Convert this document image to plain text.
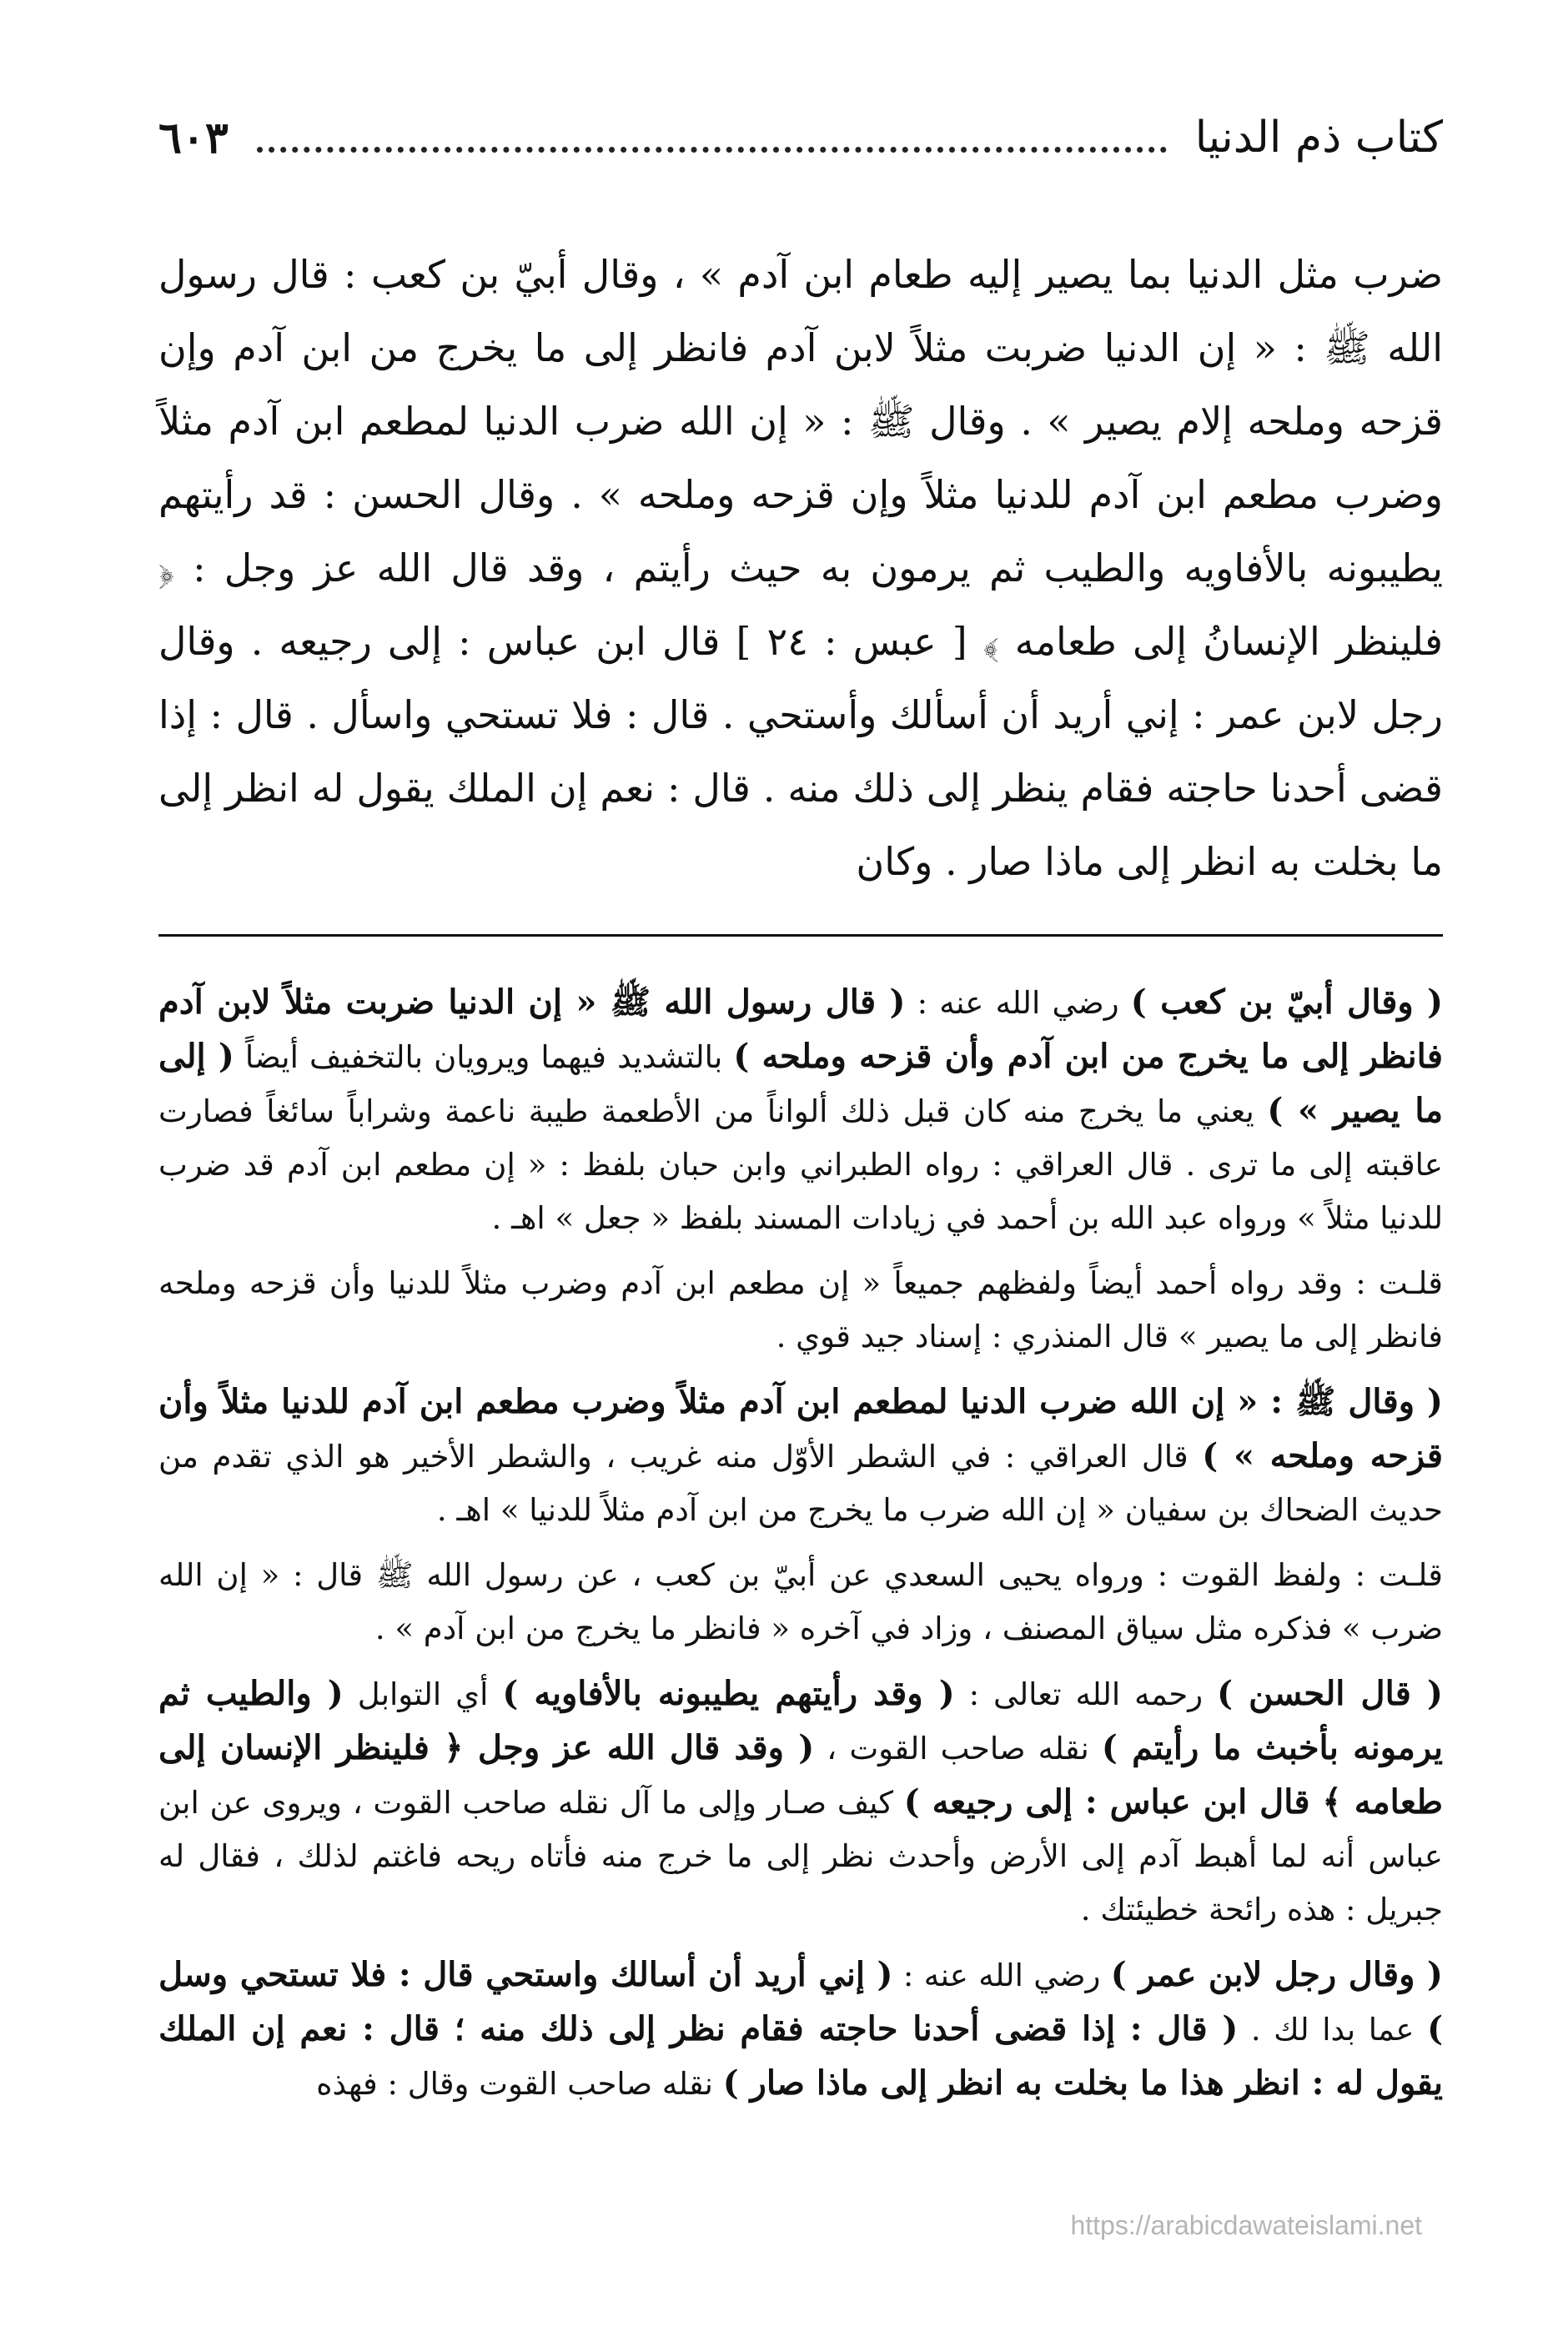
كتاب ذم الدنيا
٦٠٣

ضرب مثل الدنيا بما يصير إليه طعام ابن آدم » ، وقال أبيّ بن كعب : قال رسول الله ﷺ : « إن الدنيا ضربت مثلاً لابن آدم فانظر إلى ما يخرج من ابن آدم وإن قزحه وملحه إلام يصير » . وقال ﷺ : « إن الله ضرب الدنيا لمطعم ابن آدم مثلاً وضرب مطعم ابن آدم للدنيا مثلاً وإن قزحه وملحه » . وقال الحسن : قد رأيتهم يطيبونه بالأفاويه والطيب ثم يرمون به حيث رأيتم ، وقد قال الله عز وجل : ﴿ فلينظر الإنسانُ إلى طعامه ﴾ [ عبس : ٢٤ ] قال ابن عباس : إلى رجيعه . وقال رجل لابن عمر : إني أريد أن أسألك وأستحي . قال : فلا تستحي واسأل . قال : إذا قضى أحدنا حاجته فقام ينظر إلى ذلك منه . قال : نعم إن الملك يقول له انظر إلى ما بخلت به انظر إلى ماذا صار . وكان

( وقال أبيّ بن كعب ) رضي الله عنه : ( قال رسول الله ﷺ « إن الدنيا ضربت مثلاً لابن آدم فانظر إلى ما يخرج من ابن آدم وأن قزحه وملحه ) بالتشديد فيهما ويرويان بالتخفيف أيضاً ( إلى ما يصير » ) يعني ما يخرج منه كان قبل ذلك ألواناً من الأطعمة طيبة ناعمة وشراباً سائغاً فصارت عاقبته إلى ما ترى . قال العراقي : رواه الطبراني وابن حبان بلفظ : « إن مطعم ابن آدم قد ضرب للدنيا مثلاً » ورواه عبد الله بن أحمد في زيادات المسند بلفظ « جعل » اهـ .

قلـت : وقد رواه أحمد أيضاً ولفظهم جميعاً « إن مطعم ابن آدم وضرب مثلاً للدنيا وأن قزحه وملحه فانظر إلى ما يصير » قال المنذري : إسناد جيد قوي .

( وقال ﷺ : « إن الله ضرب الدنيا لمطعم ابن آدم مثلاً وضرب مطعم ابن آدم للدنيا مثلاً وأن قزحه وملحه » ) قال العراقي : في الشطر الأوّل منه غريب ، والشطر الأخير هو الذي تقدم من حديث الضحاك بن سفيان « إن الله ضرب ما يخرج من ابن آدم مثلاً للدنيا » اهـ .

قلـت : ولفظ القوت : ورواه يحيى السعدي عن أبيّ بن كعب ، عن رسول الله ﷺ قال : « إن الله ضرب » فذكره مثل سياق المصنف ، وزاد في آخره « فانظر ما يخرج من ابن آدم » .

( قال الحسن ) رحمه الله تعالى : ( وقد رأيتهم يطيبونه بالأفاويه ) أي التوابل ( والطيب ثم يرمونه بأخبث ما رأيتم ) نقله صاحب القوت ، ( وقد قال الله عز وجل ﴿ فلينظر الإنسان إلى طعامه ﴾ قال ابن عباس : إلى رجيعه ) كيف صـار وإلى ما آل نقله صاحب القوت ، ويروى عن ابن عباس أنه لما أهبط آدم إلى الأرض وأحدث نظر إلى ما خرج منه فأتاه ريحه فاغتم لذلك ، فقال له جبريل : هذه رائحة خطيئتك .

( وقال رجل لابن عمر ) رضي الله عنه : ( إني أريد أن أسالك واستحي قال : فلا تستحي وسل ) عما بدا لك . ( قال : إذا قضى أحدنا حاجته فقام نظر إلى ذلك منه ؛ قال : نعم إن الملك يقول له : انظر هذا ما بخلت به انظر إلى ماذا صار ) نقله صاحب القوت وقال : فهذه

https://arabicdawateislami.net
